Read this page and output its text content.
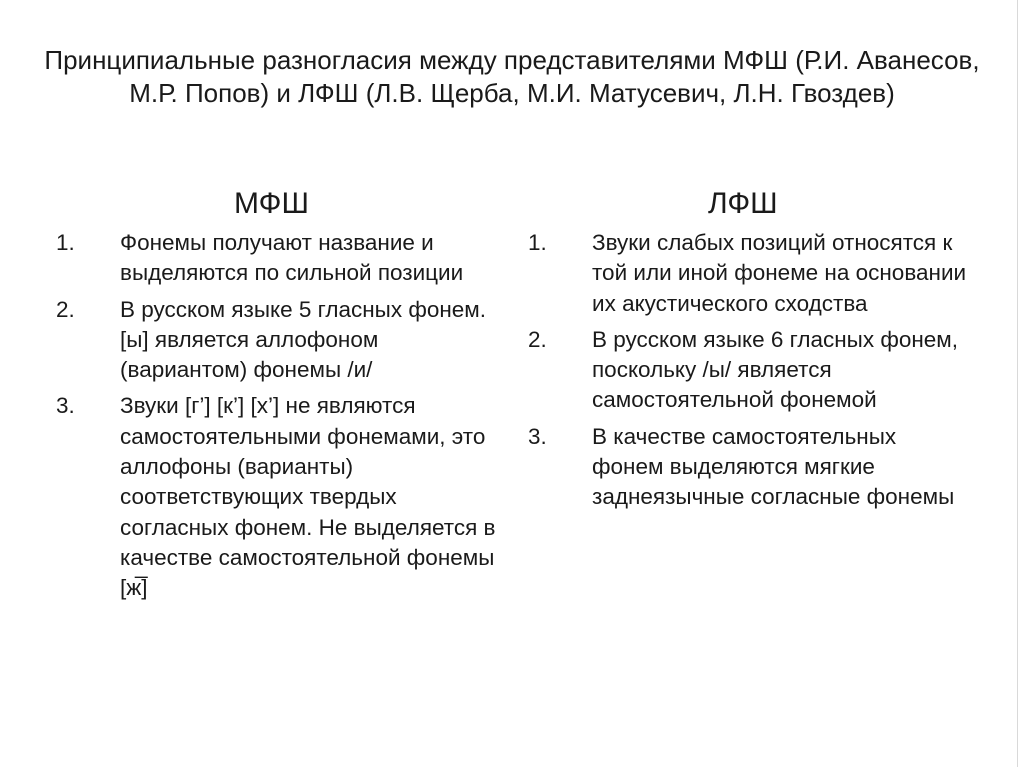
Принципиальные разногласия между представителями МФШ (Р.И. Аванесов, М.Р. Попов) и ЛФШ (Л.В. Щерба, М.И. Матусевич, Л.Н. Гвоздев)
МФШ
1.	Фонемы получают название и выделяются по сильной позиции
2.	В русском языке 5 гласных фонем. [ы] является аллофоном (вариантом) фонемы /и/
3.	Звуки [г’] [к’] [х’] не являются самостоятельными фонемами, это аллофоны (варианты) соответствующих твердых согласных фонем. Не выделяется в качестве самостоятельной фонемы [ж̅]
ЛФШ
1.	Звуки слабых позиций относятся к той или иной фонеме на основании их акустического сходства
2.	В русском языке 6 гласных фонем, поскольку /ы/ является самостоятельной фонемой
3.	В качестве самостоятельных фонем выделяются мягкие заднеязычные согласные фонемы
